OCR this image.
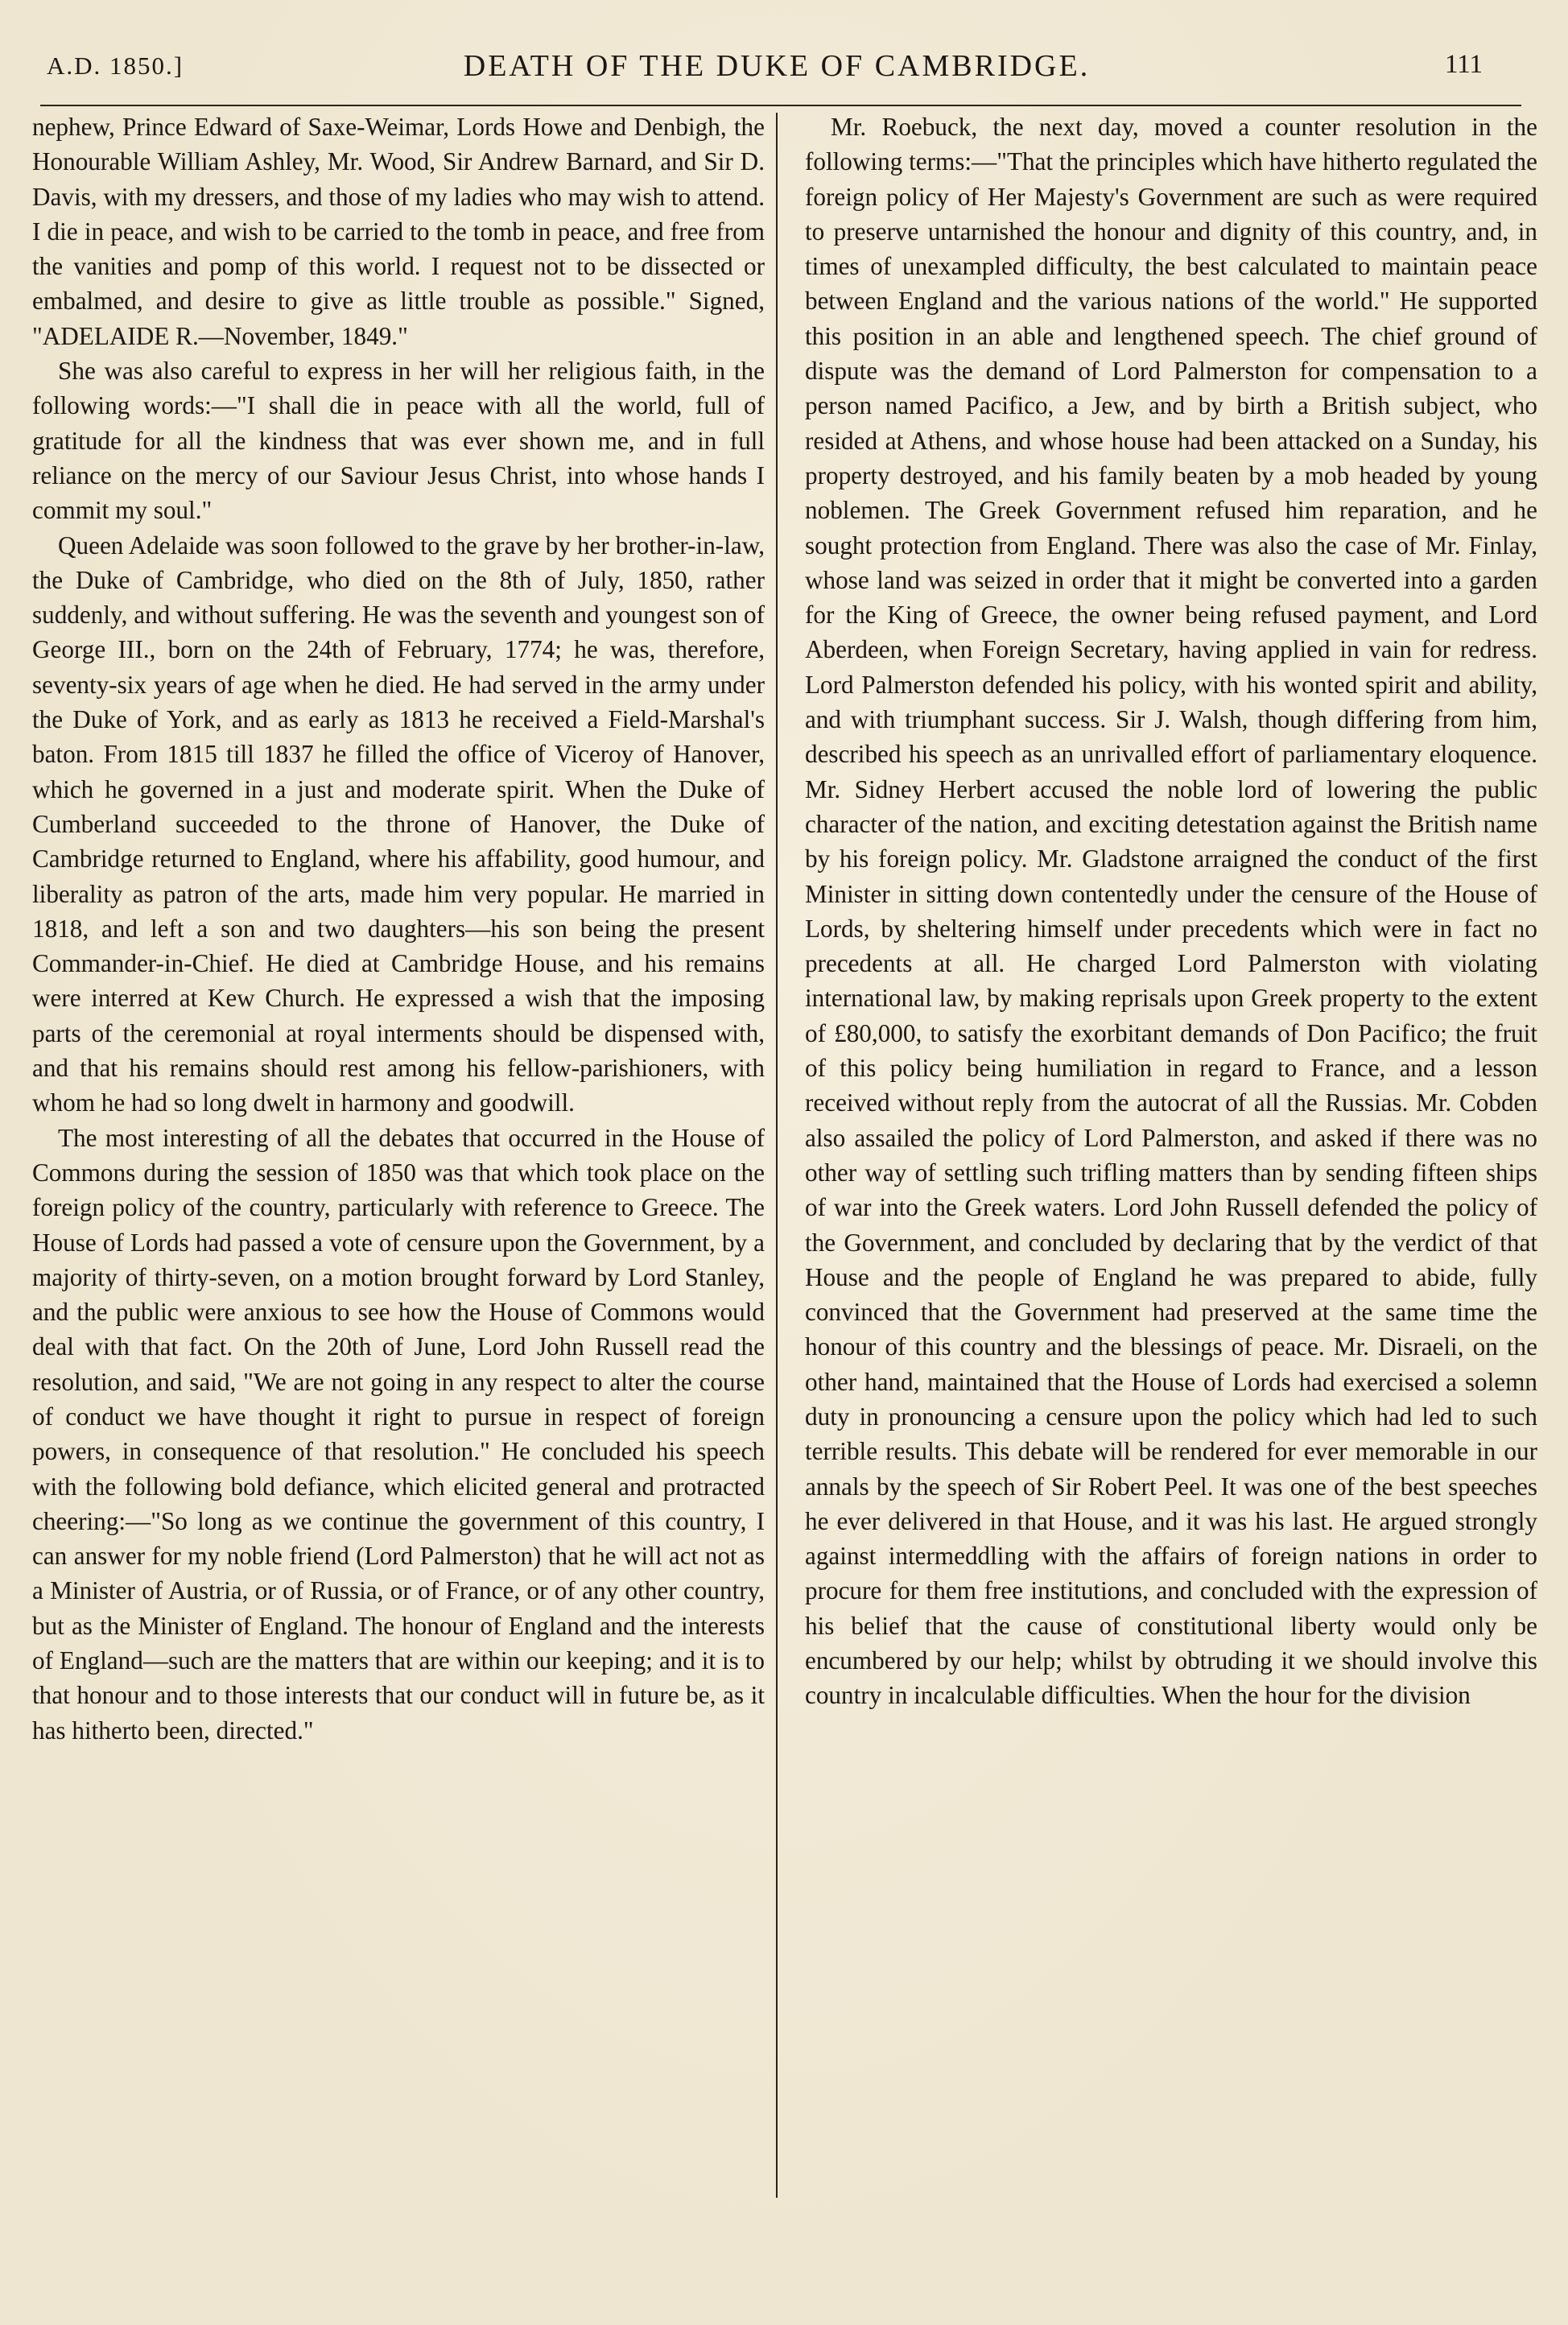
A.D. 1850.]	DEATH OF THE DUKE OF CAMBRIDGE.	111

nephew, Prince Edward of Saxe-Weimar, Lords Howe and Denbigh, the Honourable William Ashley, Mr. Wood, Sir Andrew Barnard, and Sir D. Davis, with my dressers, and those of my ladies who may wish to attend. I die in peace, and wish to be carried to the tomb in peace, and free from the vanities and pomp of this world. I request not to be dissected or embalmed, and desire to give as little trouble as possible." Signed, "ADELAIDE R.—November, 1849."

She was also careful to express in her will her religious faith, in the following words:—"I shall die in peace with all the world, full of gratitude for all the kindness that was ever shown me, and in full reliance on the mercy of our Saviour Jesus Christ, into whose hands I commit my soul."

Queen Adelaide was soon followed to the grave by her brother-in-law, the Duke of Cambridge, who died on the 8th of July, 1850, rather suddenly, and without suffering. He was the seventh and youngest son of George III., born on the 24th of February, 1774; he was, therefore, seventy-six years of age when he died. He had served in the army under the Duke of York, and as early as 1813 he received a Field-Marshal's baton. From 1815 till 1837 he filled the office of Viceroy of Hanover, which he governed in a just and moderate spirit. When the Duke of Cumberland succeeded to the throne of Hanover, the Duke of Cambridge returned to England, where his affability, good humour, and liberality as patron of the arts, made him very popular. He married in 1818, and left a son and two daughters—his son being the present Commander-in-Chief. He died at Cambridge House, and his remains were interred at Kew Church. He expressed a wish that the imposing parts of the ceremonial at royal interments should be dispensed with, and that his remains should rest among his fellow-parishioners, with whom he had so long dwelt in harmony and goodwill.

The most interesting of all the debates that occurred in the House of Commons during the session of 1850 was that which took place on the foreign policy of the country, particularly with reference to Greece. The House of Lords had passed a vote of censure upon the Government, by a majority of thirty-seven, on a motion brought forward by Lord Stanley, and the public were anxious to see how the House of Commons would deal with that fact. On the 20th of June, Lord John Russell read the resolution, and said, "We are not going in any respect to alter the course of conduct we have thought it right to pursue in respect of foreign powers, in consequence of that resolution." He concluded his speech with the following bold defiance, which elicited general and protracted cheering:—"So long as we continue the government of this country, I can answer for my noble friend (Lord Palmerston) that he will act not as a Minister of Austria, or of Russia, or of France, or of any other country, but as the Minister of England. The honour of England and the interests of England—such are the matters that are within our keeping; and it is to that honour and to those interests that our conduct will in future be, as it has hitherto been, directed."

Mr. Roebuck, the next day, moved a counter resolution in the following terms:—"That the principles which have hitherto regulated the foreign policy of Her Majesty's Government are such as were required to preserve untarnished the honour and dignity of this country, and, in times of unexampled difficulty, the best calculated to maintain peace between England and the various nations of the world." He supported this position in an able and lengthened speech. The chief ground of dispute was the demand of Lord Palmerston for compensation to a person named Pacifico, a Jew, and by birth a British subject, who resided at Athens, and whose house had been attacked on a Sunday, his property destroyed, and his family beaten by a mob headed by young noblemen. The Greek Government refused him reparation, and he sought protection from England. There was also the case of Mr. Finlay, whose land was seized in order that it might be converted into a garden for the King of Greece, the owner being refused payment, and Lord Aberdeen, when Foreign Secretary, having applied in vain for redress. Lord Palmerston defended his policy, with his wonted spirit and ability, and with triumphant success. Sir J. Walsh, though differing from him, described his speech as an unrivalled effort of parliamentary eloquence. Mr. Sidney Herbert accused the noble lord of lowering the public character of the nation, and exciting detestation against the British name by his foreign policy. Mr. Gladstone arraigned the conduct of the first Minister in sitting down contentedly under the censure of the House of Lords, by sheltering himself under precedents which were in fact no precedents at all. He charged Lord Palmerston with violating international law, by making reprisals upon Greek property to the extent of £80,000, to satisfy the exorbitant demands of Don Pacifico; the fruit of this policy being humiliation in regard to France, and a lesson received without reply from the autocrat of all the Russias. Mr. Cobden also assailed the policy of Lord Palmerston, and asked if there was no other way of settling such trifling matters than by sending fifteen ships of war into the Greek waters. Lord John Russell defended the policy of the Government, and concluded by declaring that by the verdict of that House and the people of England he was prepared to abide, fully convinced that the Government had preserved at the same time the honour of this country and the blessings of peace. Mr. Disraeli, on the other hand, maintained that the House of Lords had exercised a solemn duty in pronouncing a censure upon the policy which had led to such terrible results. This debate will be rendered for ever memorable in our annals by the speech of Sir Robert Peel. It was one of the best speeches he ever delivered in that House, and it was his last. He argued strongly against intermeddling with the affairs of foreign nations in order to procure for them free institutions, and concluded with the expression of his belief that the cause of constitutional liberty would only be encumbered by our help; whilst by obtruding it we should involve this country in incalculable difficulties. When the hour for the division
